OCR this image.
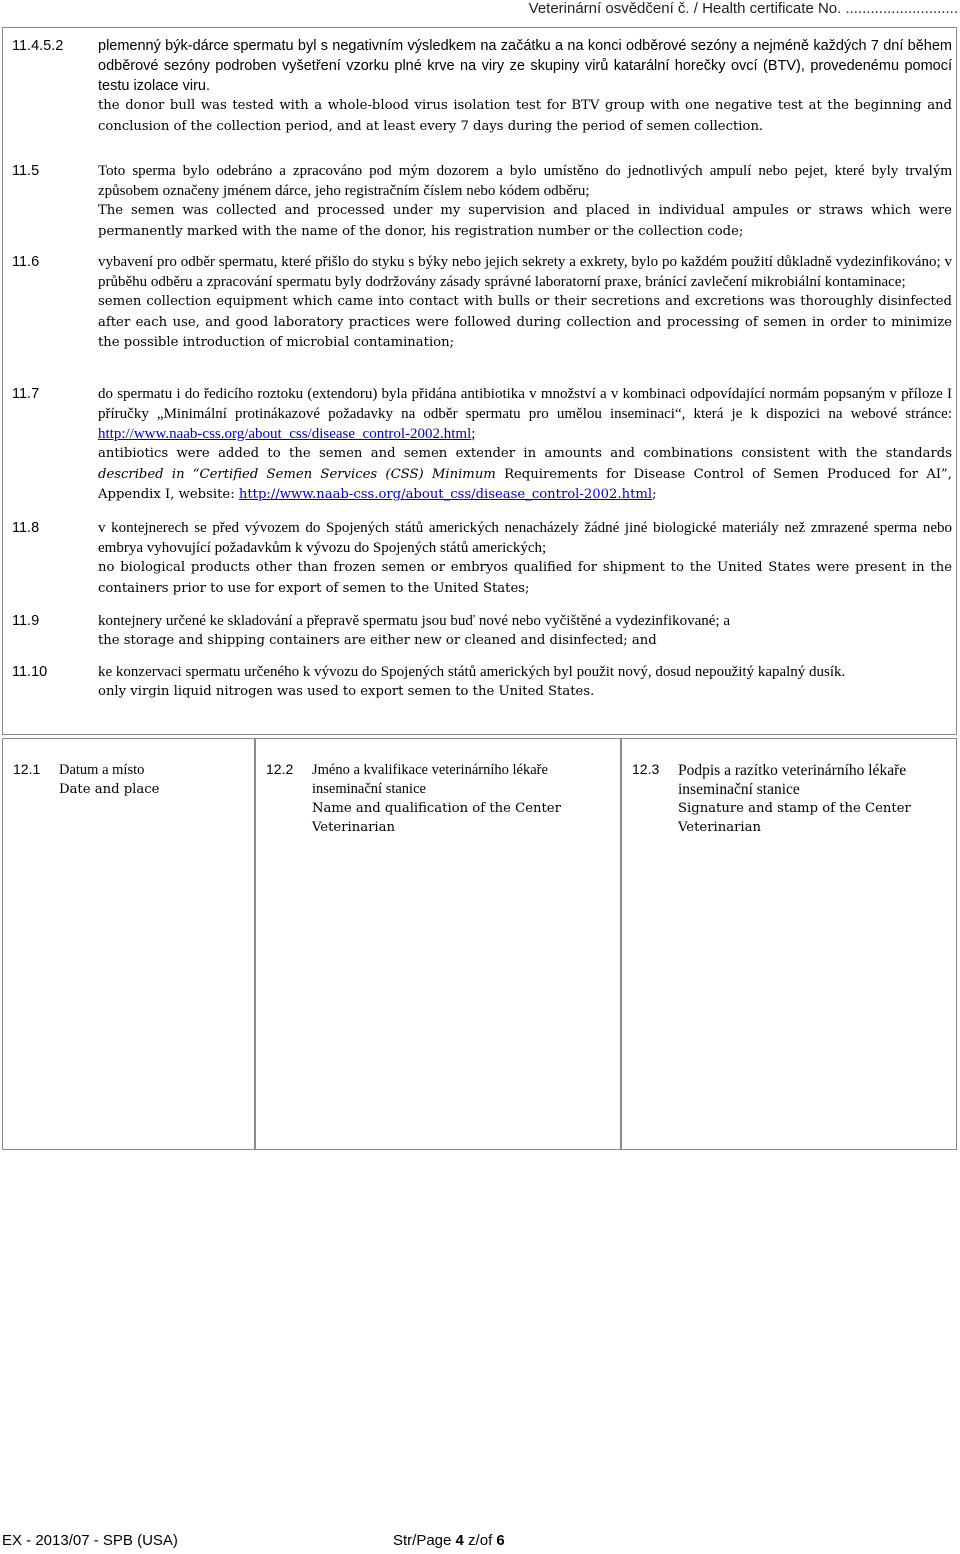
Veterinární osvědčení č. / Health certificate No. ...........................
11.4.5.2	plemenný býk-dárce spermatu byl s negativním výsledkem na začátku a na konci odběrové sezóny a nejméně každých 7 dní během odběrové sezóny podroben vyšetření vzorku plné krve na viry ze skupiny virů katarální horečky ovcí (BTV), provedenému pomocí testu izolace viru.
the donor bull was tested with a whole-blood virus isolation test for BTV group with one negative test at the beginning and conclusion of the collection period, and at least every 7 days during the period of semen collection.
11.5	Toto sperma bylo odebráno a zpracováno pod mým dozorem a bylo umístěno do jednotlivých ampulí nebo pejet, které byly trvalým způsobem označeny jménem dárce, jeho registračním číslem nebo kódem odběru;
The semen was collected and processed under my supervision and placed in individual ampules or straws which were permanently marked with the name of the donor, his registration number or the collection code;
11.6	vybavení pro odběr spermatu, které přišlo do styku s býky nebo jejich sekrety a exkrety, bylo po každém použití důkladně vydezinfikováno; v průběhu odběru a zpracování spermatu byly dodržovány zásady správné laboratorní praxe, bránící zavlečení mikrobiální kontaminace;
semen collection equipment which came into contact with bulls or their secretions and excretions was thoroughly disinfected after each use, and good laboratory practices were followed during collection and processing of semen in order to minimize the possible introduction of microbial contamination;
11.7	do spermatu i do ředicího roztoku (extendoru) byla přidána antibiotika v množství a v kombinaci odpovídající normám popsaným v příloze I příručky „Minimální protinákazové požadavky na odběr spermatu pro umělou inseminaci“, která je k dispozici na webové stránce: http://www.naab-css.org/about_css/disease_control-2002.html;
antibiotics were added to the semen and semen extender in amounts and combinations consistent with the standards described in “Certified Semen Services (CSS) Minimum Requirements for Disease Control of Semen Produced for AI”, Appendix I, website: http://www.naab-css.org/about_css/disease_control-2002.html;
11.8	v kontejnerech se před vývozem do Spojených států amerických nenacházely žádné jiné biologické materiály než zmrazené sperma nebo embrya vyhovující požadavkům k vývozu do Spojených států amerických;
no biological products other than frozen semen or embryos qualified for shipment to the United States were present in the containers prior to use for export of semen to the United States;
11.9	kontejnery určené ke skladování a přepravě spermatu jsou buď nové nebo vyčištěné a vydezinfikované; a
the storage and shipping containers are either new or cleaned and disinfected; and
11.10	ke konzervaci spermatu určeného k vývozu do Spojených států amerických byl použit nový, dosud nepoužitý kapalný dusík.
only virgin liquid nitrogen was used to export semen to the United States.
12.1 Datum a místo
Date and place
12.2 Jméno a kvalifikace veterinárního lékaře inseminační stanice
Name and qualification of the Center Veterinarian
12.3 Podpis a razítko veterinárního lékaře inseminační stanice
Signature and stamp of the Center Veterinarian
EX - 2013/07 - SPB (USA)	Str/Page 4 z/of 6
